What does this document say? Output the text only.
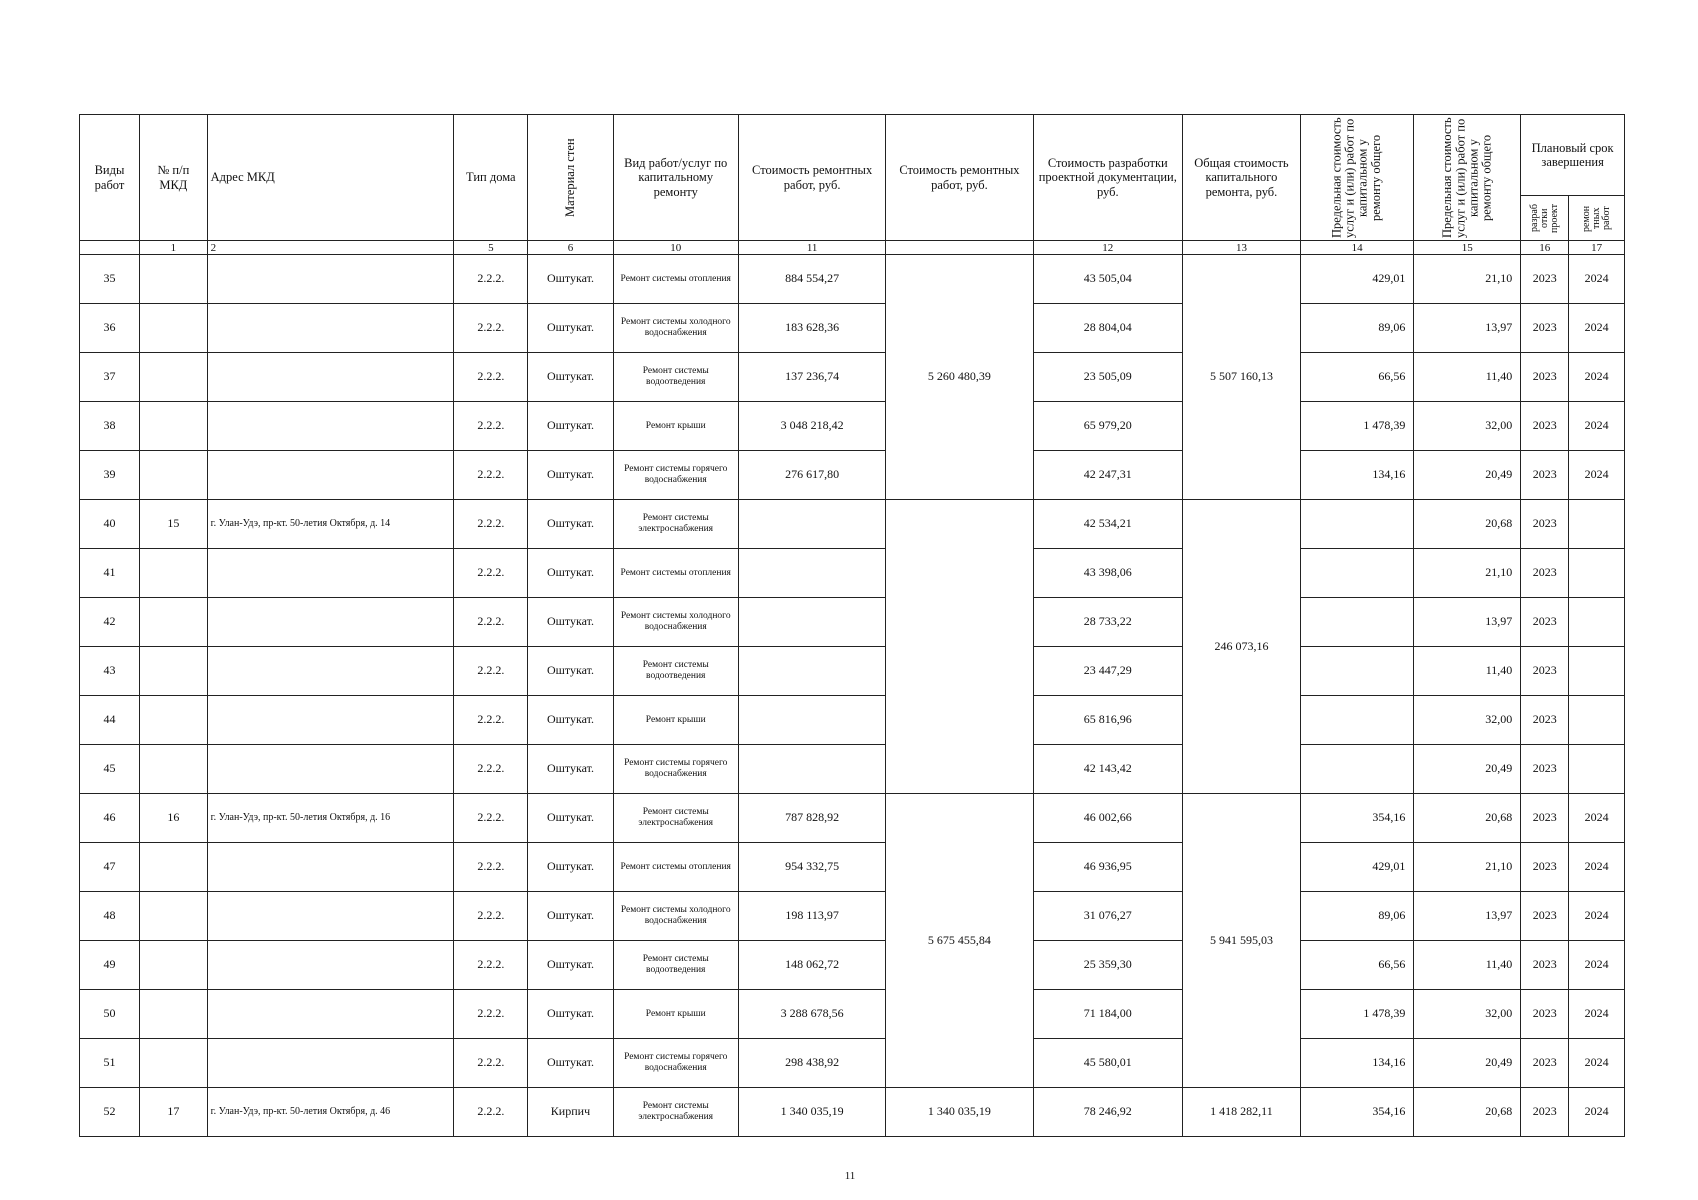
Виды работ	№ п/п МКД	Адрес МКД	Тип дома	Материал стен	Вид работ/услуг по капитальному ремонту	Стоимость ремонтных работ, руб.	Стоимость ремонтных работ, руб.	Стоимость разработки проектной документации, руб.	Общая стоимость капитального ремонта, руб.	Предельная стоимость услуг и (или) работ по капитальном у ремонту общего	Предельная стоимость услуг и (или) работ по капитальном у ремонту общего	Плановый срок завершения	
												разраб отки проект	ремон тных работ
	1	2	5	6	10	11		12	13	14	15	16	17
35			2.2.2.	Оштукат.	Ремонт системы отопления	884 554,27	5 260 480,39	43 505,04	5 507 160,13	429,01	21,10	2023	2024
36			2.2.2.	Оштукат.	Ремонт системы холодного водоснабжения	183 628,36		28 804,04		89,06	13,97	2023	2024
37			2.2.2.	Оштукат.	Ремонт системы водоотведения	137 236,74		23 505,09		66,56	11,40	2023	2024
38			2.2.2.	Оштукат.	Ремонт крыши	3 048 218,42		65 979,20		1 478,39	32,00	2023	2024
39			2.2.2.	Оштукат.	Ремонт системы горячего водоснабжения	276 617,80		42 247,31		134,16	20,49	2023	2024
40	15	г. Улан-Удэ, пр-кт. 50-летия Октября, д. 14	2.2.2.	Оштукат.	Ремонт системы электроснабжения			42 534,21	246 073,16		20,68	2023	
41			2.2.2.	Оштукат.	Ремонт системы отопления			43 398,06			21,10	2023	
42			2.2.2.	Оштукат.	Ремонт системы холодного водоснабжения			28 733,22			13,97	2023	
43			2.2.2.	Оштукат.	Ремонт системы водоотведения			23 447,29			11,40	2023	
44			2.2.2.	Оштукат.	Ремонт крыши			65 816,96			32,00	2023	
45			2.2.2.	Оштукат.	Ремонт системы горячего водоснабжения			42 143,42			20,49	2023	
46	16	г. Улан-Удэ, пр-кт. 50-летия Октября, д. 16	2.2.2.	Оштукат.	Ремонт системы электроснабжения	787 828,92	5 675 455,84	46 002,66	5 941 595,03	354,16	20,68	2023	2024
47			2.2.2.	Оштукат.	Ремонт системы отопления	954 332,75		46 936,95		429,01	21,10	2023	2024
48			2.2.2.	Оштукат.	Ремонт системы холодного водоснабжения	198 113,97		31 076,27		89,06	13,97	2023	2024
49			2.2.2.	Оштукат.	Ремонт системы водоотведения	148 062,72		25 359,30		66,56	11,40	2023	2024
50			2.2.2.	Оштукат.	Ремонт крыши	3 288 678,56		71 184,00		1 478,39	32,00	2023	2024
51			2.2.2.	Оштукат.	Ремонт системы горячего водоснабжения	298 438,92		45 580,01		134,16	20,49	2023	2024
52	17	г. Улан-Удэ, пр-кт. 50-летия Октября, д. 46	2.2.2.	Кирпич	Ремонт системы электроснабжения	1 340 035,19	1 340 035,19	78 246,92	1 418 282,11	354,16	20,68	2023	2024
11
